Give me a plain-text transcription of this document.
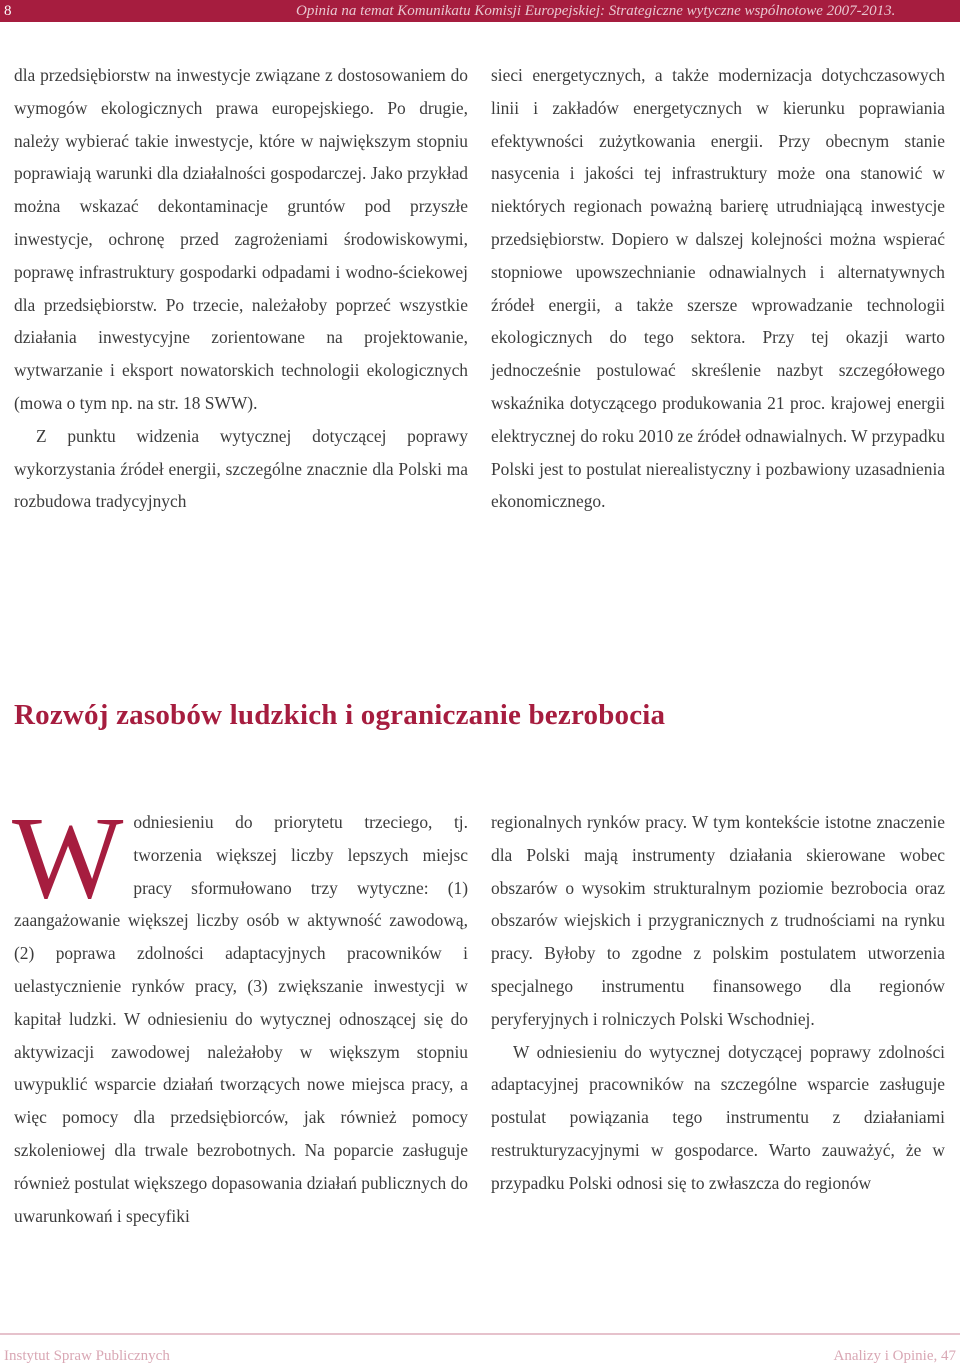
8	Opinia na temat Komunikatu Komisji Europejskiej: Strategiczne wytyczne wspólnotowe 2007-2013.

dla przedsiębiorstw na inwestycje związane z dostosowaniem do wymogów ekologicznych prawa europejskiego. Po drugie, należy wybierać takie inwestycje, które w największym stopniu poprawiają warunki dla działalności gospodarczej. Jako przykład można wskazać dekontaminacje gruntów pod przyszłe inwestycje, ochronę przed zagrożeniami środowiskowymi, poprawę infrastruktury gospodarki odpadami i wodno-ściekowej dla przedsiębiorstw. Po trzecie, należałoby poprzeć wszystkie działania inwestycyjne zorientowane na projektowanie, wytwarzanie i eksport nowatorskich technologii ekologicznych (mowa o tym np. na str. 18 SWW).

Z punktu widzenia wytycznej dotyczącej poprawy wykorzystania źródeł energii, szczególne znacznie dla Polski ma rozbudowa tradycyjnych

sieci energetycznych, a także modernizacja dotychczasowych linii i zakładów energetycznych w kierunku poprawiania efektywności zużytkowania energii. Przy obecnym stanie nasycenia i jakości tej infrastruktury może ona stanowić w niektórych regionach poważną barierę utrudniającą inwestycje przedsiębiorstw. Dopiero w dalszej kolejności można wspierać stopniowe upowszechnianie odnawialnych i alternatywnych źródeł energii, a także szersze wprowadzanie technologii ekologicznych do tego sektora. Przy tej okazji warto jednocześnie postulować skreślenie nazbyt szczegółowego wskaźnika dotyczącego produkowania 21 proc. krajowej energii elektrycznej do roku 2010 ze źródeł odnawialnych. W przypadku Polski jest to postulat nierealistyczny i pozbawiony uzasadnienia ekonomicznego.

Rozwój zasobów ludzkich i ograniczanie bezrobocia

Wodniesieniu do priorytetu trzeciego, tj. tworzenia większej liczby lepszych miejsc pracy sformułowano trzy wytyczne: (1) zaangażowanie większej liczby osób w aktywność zawodową, (2) poprawa zdolności adaptacyjnych pracowników i uelastycznienie rynków pracy, (3) zwiększanie inwestycji w kapitał ludzki. W odniesieniu do wytycznej odnoszącej się do aktywizacji zawodowej należałoby w większym stopniu uwypuklić wsparcie działań tworzących nowe miejsca pracy, a więc pomocy dla przedsiębiorców, jak również pomocy szkoleniowej dla trwale bezrobotnych. Na poparcie zasługuje również postulat większego dopasowania działań publicznych do uwarunkowań i specyfiki

regionalnych rynków pracy. W tym kontekście istotne znaczenie dla Polski mają instrumenty działania skierowane wobec obszarów o wysokim strukturalnym poziomie bezrobocia oraz obszarów wiejskich i przygranicznych z trudnościami na rynku pracy. Byłoby to zgodne z polskim postulatem utworzenia specjalnego instrumentu finansowego dla regionów peryferyjnych i rolniczych Polski Wschodniej.

W odniesieniu do wytycznej dotyczącej poprawy zdolności adaptacyjnej pracowników na szczególne wsparcie zasługuje postulat powiązania tego instrumentu z działaniami restrukturyzacyjnymi w gospodarce. Warto zauważyć, że w przypadku Polski odnosi się to zwłaszcza do regionów

Instytut Spraw Publicznych	Analizy i Opinie, 47
